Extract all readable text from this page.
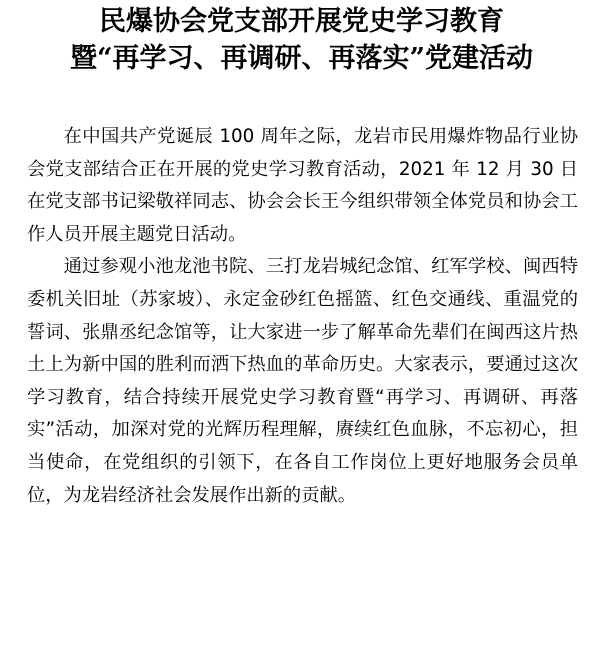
民爆协会党支部开展党史学习教育
暨“再学习、再调研、再落实”党建活动

在中国共产党诞辰 100 周年之际，龙岩市民用爆炸物品行业协会党支部结合正在开展的党史学习教育活动，2021 年 12 月 30 日在党支部书记梁敬祥同志、协会会长王今组织带领全体党员和协会工作人员开展主题党日活动。

通过参观小池龙池书院、三打龙岩城纪念馆、红军学校、闽西特委机关旧址（苏家坡）、永定金砂红色摇篮、红色交通线、重温党的誓词、张鼎丞纪念馆等，让大家进一步了解革命先辈们在闽西这片热土上为新中国的胜利而洒下热血的革命历史。大家表示，要通过这次学习教育，结合持续开展党史学习教育暨“再学习、再调研、再落实”活动，加深对党的光辉历程理解，赓续红色血脉，不忘初心，担当使命，在党组织的引领下，在各自工作岗位上更好地服务会员单位，为龙岩经济社会发展作出新的贡献。
